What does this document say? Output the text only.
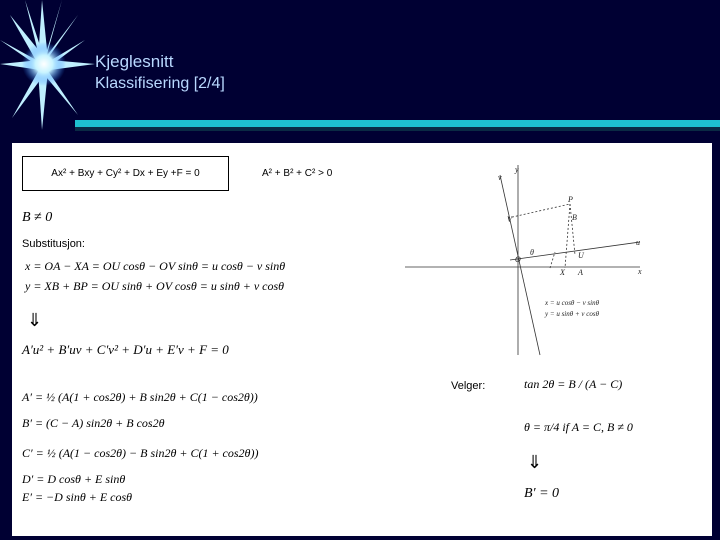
Kjeglesnitt
Klassifisering [2/4]
Ax² + Bxy + Cy² + Dx + Ey +F = 0	A² + B² + C² > 0
B ≠ 0
Substitusjon:
x = OA − XA = OU cosθ − OV sinθ = u cosθ − v sinθ
y = XB + BP = OU sinθ + OV cosθ = u sinθ + v cosθ
⇓
A′u² + B′uv + C′v² + D′u + E′v + F = 0
A′ = ½ (A(1 + cos2θ) + B sin2θ + C(1 − cos2θ))
B′ = (C − A) sin2θ + B cos2θ
C′ = ½ (A(1 − cos2θ) − B sin2θ + C(1 + cos2θ))
D′ = D cosθ + E sinθ
E′ = −D sinθ + E cosθ
Velger:	tan 2θ = B / (A − C)
θ = π/4 if A = C, B ≠ 0
⇓
B′ = 0
y
v
P
V
u
O
X A
U
x
θ
B
x = u cosθ − v sinθ
y = u sinθ + v cosθ
